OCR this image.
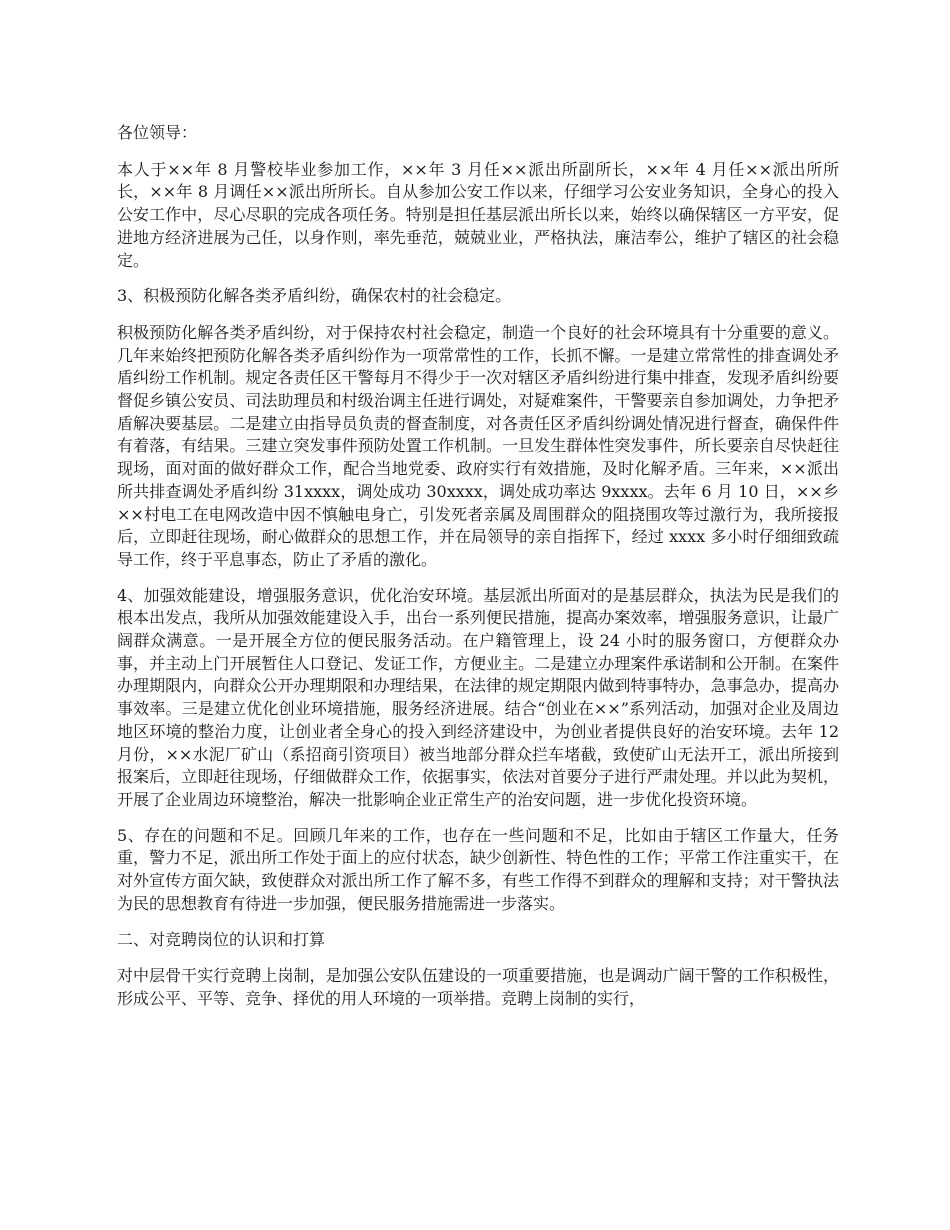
各位领导：

本人于××年 8 月警校毕业参加工作，××年 3 月任××派出所副所长，××年 4 月任××派出所所长，××年 8 月调任××派出所所长。自从参加公安工作以来，仔细学习公安业务知识，全身心的投入公安工作中，尽心尽职的完成各项任务。特别是担任基层派出所长以来，始终以确保辖区一方平安，促进地方经济进展为己任，以身作则，率先垂范，兢兢业业，严格执法，廉洁奉公，维护了辖区的社会稳定。

3、积极预防化解各类矛盾纠纷，确保农村的社会稳定。

积极预防化解各类矛盾纠纷，对于保持农村社会稳定，制造一个良好的社会环境具有十分重要的意义。几年来始终把预防化解各类矛盾纠纷作为一项常常性的工作，长抓不懈。一是建立常常性的排查调处矛盾纠纷工作机制。规定各责任区干警每月不得少于一次对辖区矛盾纠纷进行集中排查，发现矛盾纠纷要督促乡镇公安员、司法助理员和村级治调主任进行调处，对疑难案件，干警要亲自参加调处，力争把矛盾解决要基层。二是建立由指导员负责的督查制度，对各责任区矛盾纠纷调处情况进行督查，确保件件有着落，有结果。三建立突发事件预防处置工作机制。一旦发生群体性突发事件，所长要亲自尽快赶往现场，面对面的做好群众工作，配合当地党委、政府实行有效措施，及时化解矛盾。三年来，××派出所共排查调处矛盾纠纷 31xxxx，调处成功 30xxxx，调处成功率达 9xxxx。去年 6 月 10 日，××乡××村电工在电网改造中因不慎触电身亡，引发死者亲属及周围群众的阻挠围攻等过激行为，我所接报后，立即赶往现场，耐心做群众的思想工作，并在局领导的亲自指挥下，经过 xxxx 多小时仔细细致疏导工作，终于平息事态，防止了矛盾的激化。

4、加强效能建设，增强服务意识，优化治安环境。基层派出所面对的是基层群众，执法为民是我们的根本出发点，我所从加强效能建设入手，出台一系列便民措施，提高办案效率，增强服务意识，让最广阔群众满意。一是开展全方位的便民服务活动。在户籍管理上，设 24 小时的服务窗口，方便群众办事，并主动上门开展暂住人口登记、发证工作，方便业主。二是建立办理案件承诺制和公开制。在案件办理期限内，向群众公开办理期限和办理结果，在法律的规定期限内做到特事特办，急事急办，提高办事效率。三是建立优化创业环境措施，服务经济进展。结合“创业在××”系列活动，加强对企业及周边地区环境的整治力度，让创业者全身心的投入到经济建设中，为创业者提供良好的治安环境。去年 12 月份，××水泥厂矿山（系招商引资项目）被当地部分群众拦车堵截，致使矿山无法开工，派出所接到报案后，立即赶往现场，仔细做群众工作，依据事实，依法对首要分子进行严肃处理。并以此为契机，开展了企业周边环境整治，解决一批影响企业正常生产的治安问题，进一步优化投资环境。

5、存在的问题和不足。回顾几年来的工作，也存在一些问题和不足，比如由于辖区工作量大，任务重，警力不足，派出所工作处于面上的应付状态，缺少创新性、特色性的工作；平常工作注重实干，在对外宣传方面欠缺，致使群众对派出所工作了解不多，有些工作得不到群众的理解和支持；对干警执法为民的思想教育有待进一步加强，便民服务措施需进一步落实。

二、对竞聘岗位的认识和打算

对中层骨干实行竞聘上岗制，是加强公安队伍建设的一项重要措施，也是调动广阔干警的工作积极性，形成公平、平等、竞争、择优的用人环境的一项举措。竞聘上岗制的实行，
